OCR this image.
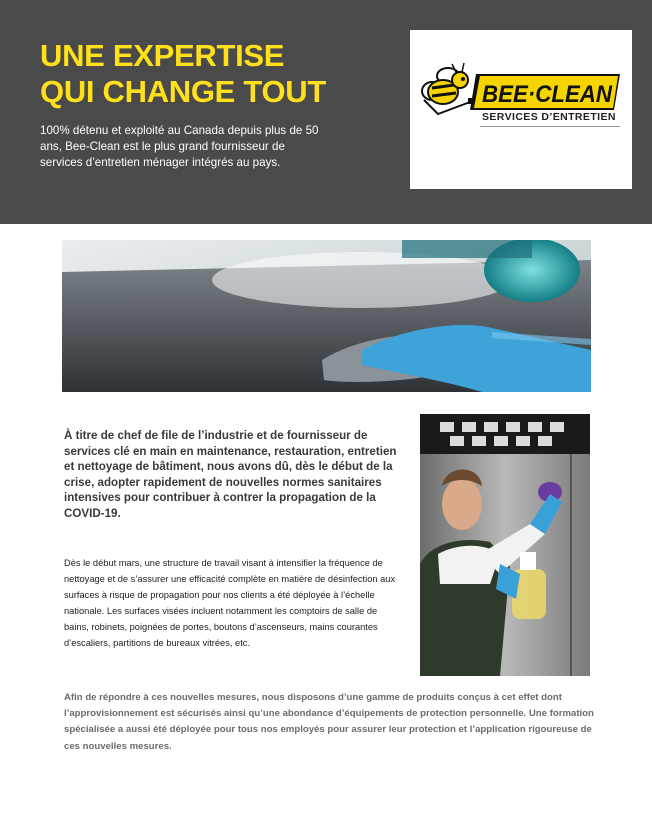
UNE EXPERTISE
QUI CHANGE TOUT
100% détenu et exploité au Canada depuis plus de 50 ans, Bee-Clean est le plus grand fournisseur de services d’entretien ménager intégrés au pays.
BEE·CLEAN
SERVICES D’ENTRETIEN
À titre de chef de file de l’industrie et de fournisseur de services clé en main en maintenance, restauration, entretien et nettoyage de bâtiment, nous avons dû, dès le début de la crise, adopter rapidement de nouvelles normes sanitaires intensives pour contribuer à contrer la propagation de la COVID-19.
Dès le début mars, une structure de travail visant à intensifier la fréquence de nettoyage et de s’assurer une efficacité complète en matière de désinfection aux surfaces à risque de propagation pour nos clients a été déployée à l’échelle nationale. Les surfaces visées incluent notamment les comptoirs de salle de bains, robinets, poignées de portes, boutons d’ascenseurs, mains courantes d’escaliers, partitions de bureaux vitrées, etc.
Afin de répondre à ces nouvelles mesures, nous disposons d’une gamme de produits conçus à cet effet dont l’approvisionnement est sécurisés ainsi qu’une abondance d’équipements de protection personnelle. Une formation spécialisée a aussi été déployée pour tous nos employés pour assurer leur protection et l’application rigoureuse de ces nouvelles mesures.
